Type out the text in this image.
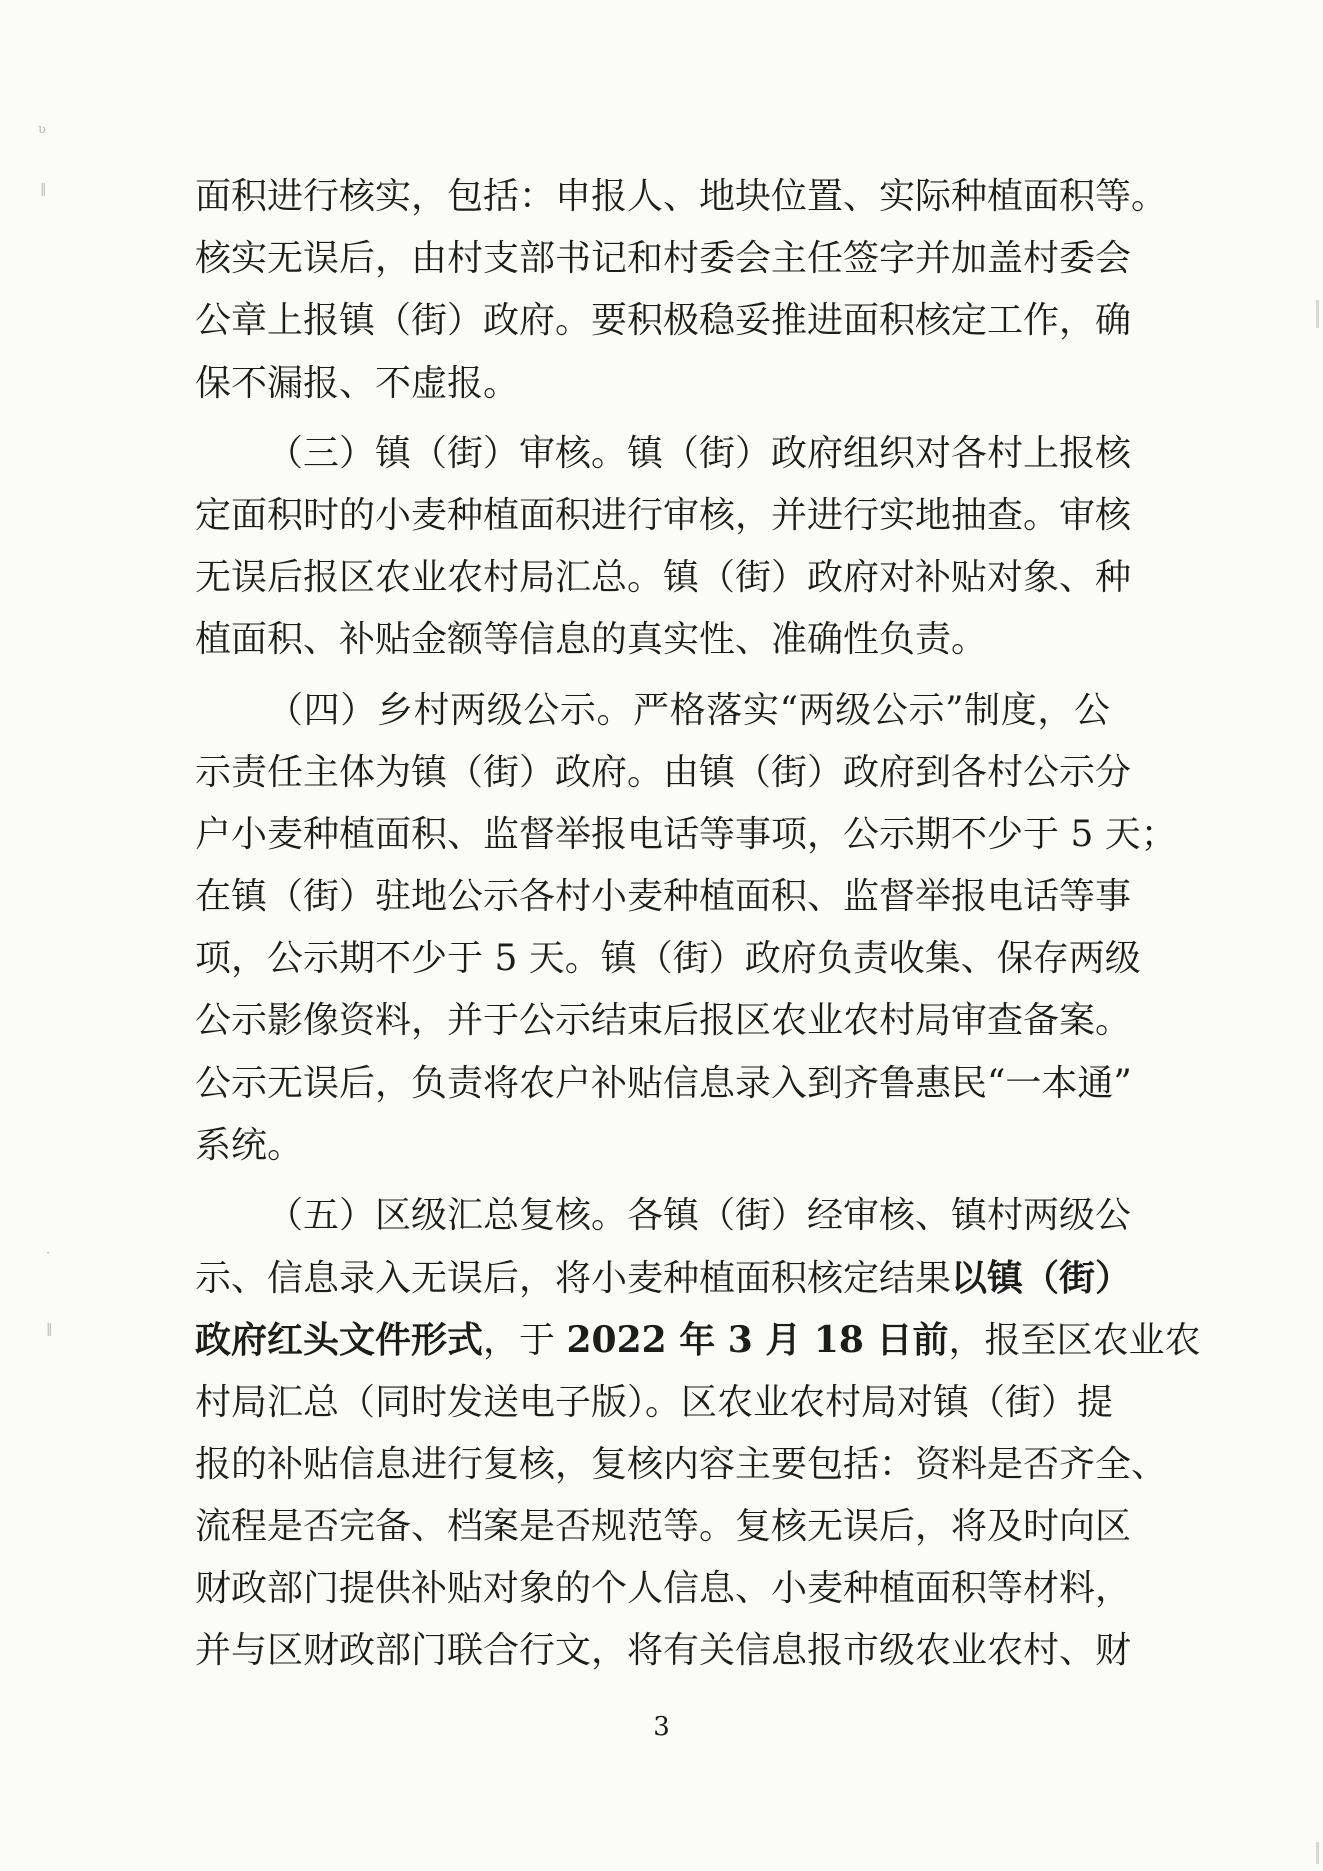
ʋ
‖
·
‖
面积进行核实，包括：申报人、地块位置、实际种植面积等。
核实无误后，由村支部书记和村委会主任签字并加盖村委会
公章上报镇（街）政府。要积极稳妥推进面积核定工作，确
保不漏报、不虚报。
（三）镇（街）审核。镇（街）政府组织对各村上报核
定面积时的小麦种植面积进行审核，并进行实地抽查。审核
无误后报区农业农村局汇总。镇（街）政府对补贴对象、种
植面积、补贴金额等信息的真实性、准确性负责。
（四）乡村两级公示。严格落实“两级公示”制度，公
示责任主体为镇（街）政府。由镇（街）政府到各村公示分
户小麦种植面积、监督举报电话等事项，公示期不少于 5 天；
在镇（街）驻地公示各村小麦种植面积、监督举报电话等事
项，公示期不少于 5 天。镇（街）政府负责收集、保存两级
公示影像资料，并于公示结束后报区农业农村局审查备案。
公示无误后，负责将农户补贴信息录入到齐鲁惠民“一本通”
系统。
（五）区级汇总复核。各镇（街）经审核、镇村两级公
示、信息录入无误后，将小麦种植面积核定结果以镇（街）
政府红头文件形式，于 2022 年 3 月 18 日前，报至区农业农
村局汇总（同时发送电子版）。区农业农村局对镇（街）提
报的补贴信息进行复核，复核内容主要包括：资料是否齐全、
流程是否完备、档案是否规范等。复核无误后，将及时向区
财政部门提供补贴对象的个人信息、小麦种植面积等材料，
并与区财政部门联合行文，将有关信息报市级农业农村、财
3
